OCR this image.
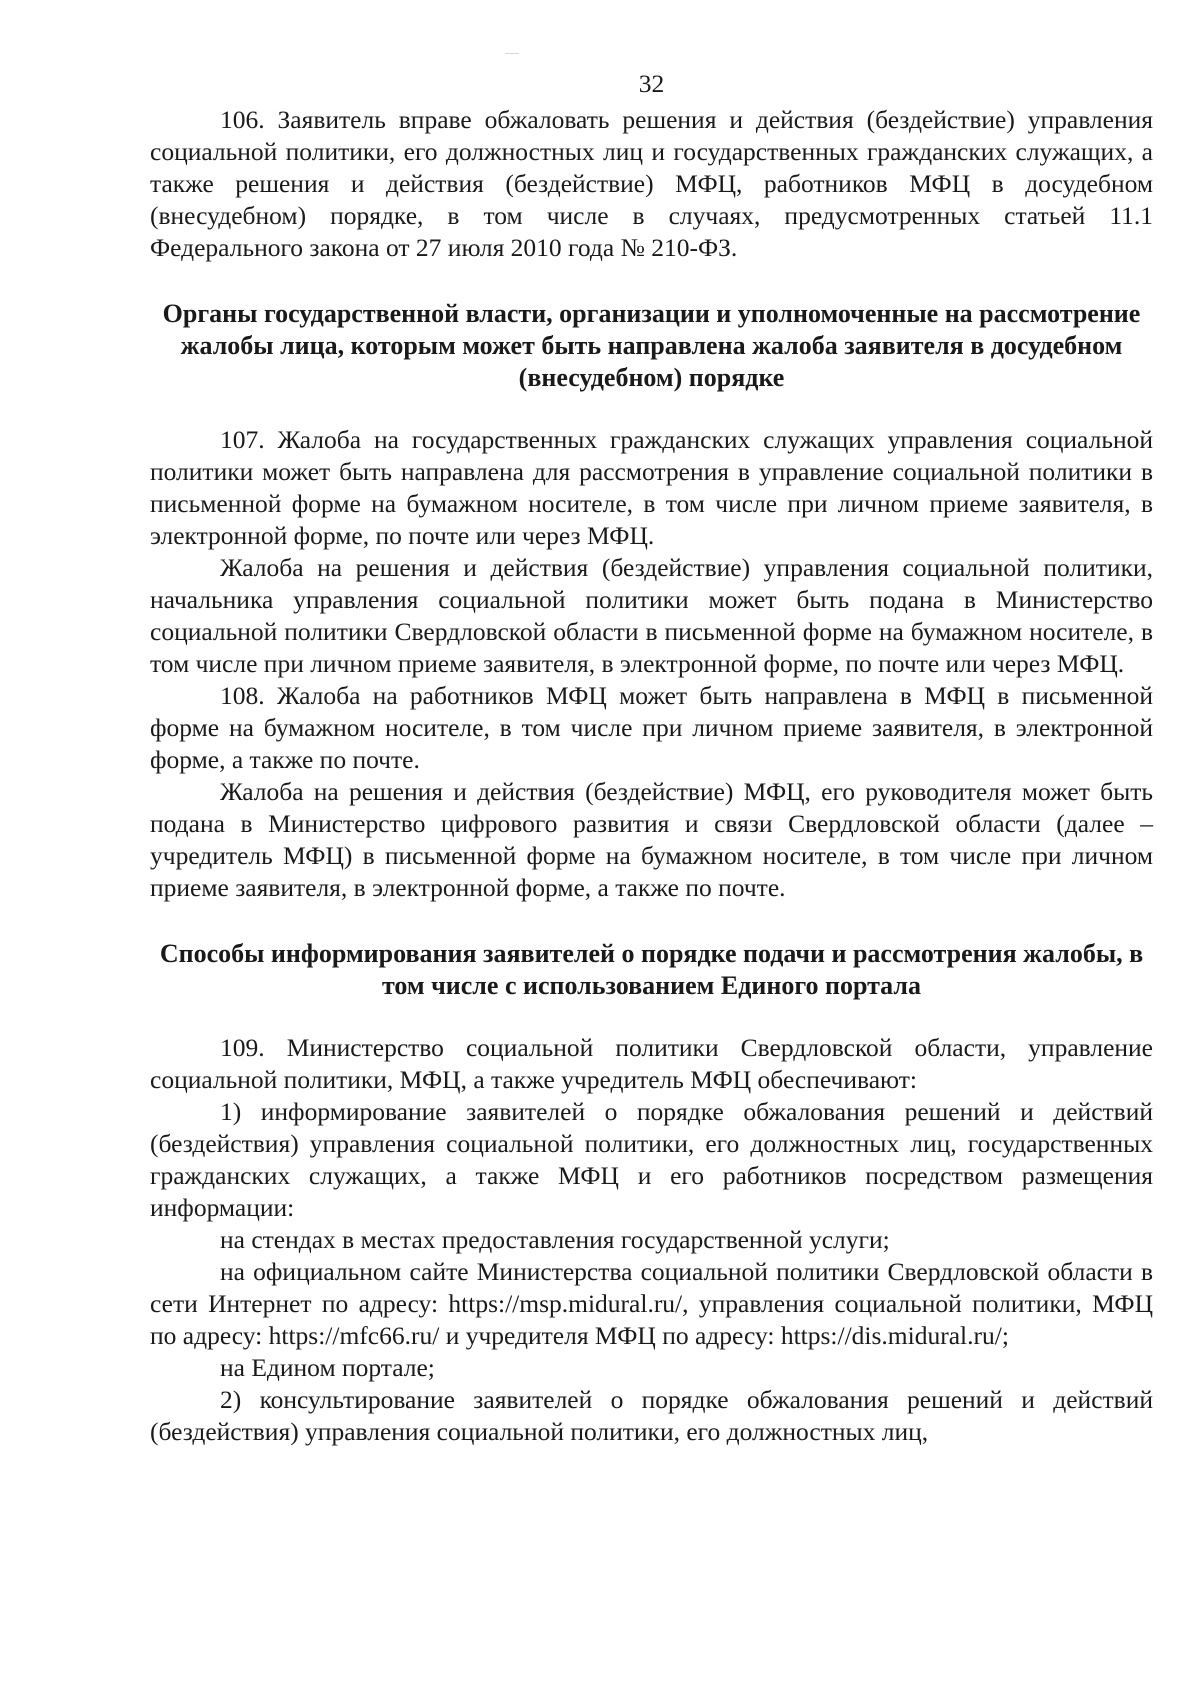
32

106. Заявитель вправе обжаловать решения и действия (бездействие) управления социальной политики, его должностных лиц и государственных гражданских служащих, а также решения и действия (бездействие) МФЦ, работников МФЦ в досудебном (внесудебном) порядке, в том числе в случаях, предусмотренных статьей 11.1 Федерального закона от 27 июля 2010 года № 210-ФЗ.

Органы государственной власти, организации и уполномоченные на рассмотрение жалобы лица, которым может быть направлена жалоба заявителя в досудебном (внесудебном) порядке

107. Жалоба на государственных гражданских служащих управления социальной политики может быть направлена для рассмотрения в управление социальной политики в письменной форме на бумажном носителе, в том числе при личном приеме заявителя, в электронной форме, по почте или через МФЦ.

Жалоба на решения и действия (бездействие) управления социальной политики, начальника управления социальной политики может быть подана в Министерство социальной политики Свердловской области в письменной форме на бумажном носителе, в том числе при личном приеме заявителя, в электронной форме, по почте или через МФЦ.

108. Жалоба на работников МФЦ может быть направлена в МФЦ в письменной форме на бумажном носителе, в том числе при личном приеме заявителя, в электронной форме, а также по почте.

Жалоба на решения и действия (бездействие) МФЦ, его руководителя может быть подана в Министерство цифрового развития и связи Свердловской области (далее – учредитель МФЦ) в письменной форме на бумажном носителе, в том числе при личном приеме заявителя, в электронной форме, а также по почте.

Способы информирования заявителей о порядке подачи и рассмотрения жалобы, в том числе с использованием Единого портала

109. Министерство социальной политики Свердловской области, управление социальной политики, МФЦ, а также учредитель МФЦ обеспечивают:

1) информирование заявителей о порядке обжалования решений и действий (бездействия) управления социальной политики, его должностных лиц, государственных гражданских служащих, а также МФЦ и его работников посредством размещения информации:

на стендах в местах предоставления государственной услуги;

на официальном сайте Министерства социальной политики Свердловской области в сети Интернет по адресу: https://msp.midural.ru/, управления социальной политики, МФЦ по адресу: https://mfc66.ru/ и учредителя МФЦ по адресу: https://dis.midural.ru/;

на Едином портале;

2) консультирование заявителей о порядке обжалования решений и действий (бездействия) управления социальной политики, его должностных лиц,
